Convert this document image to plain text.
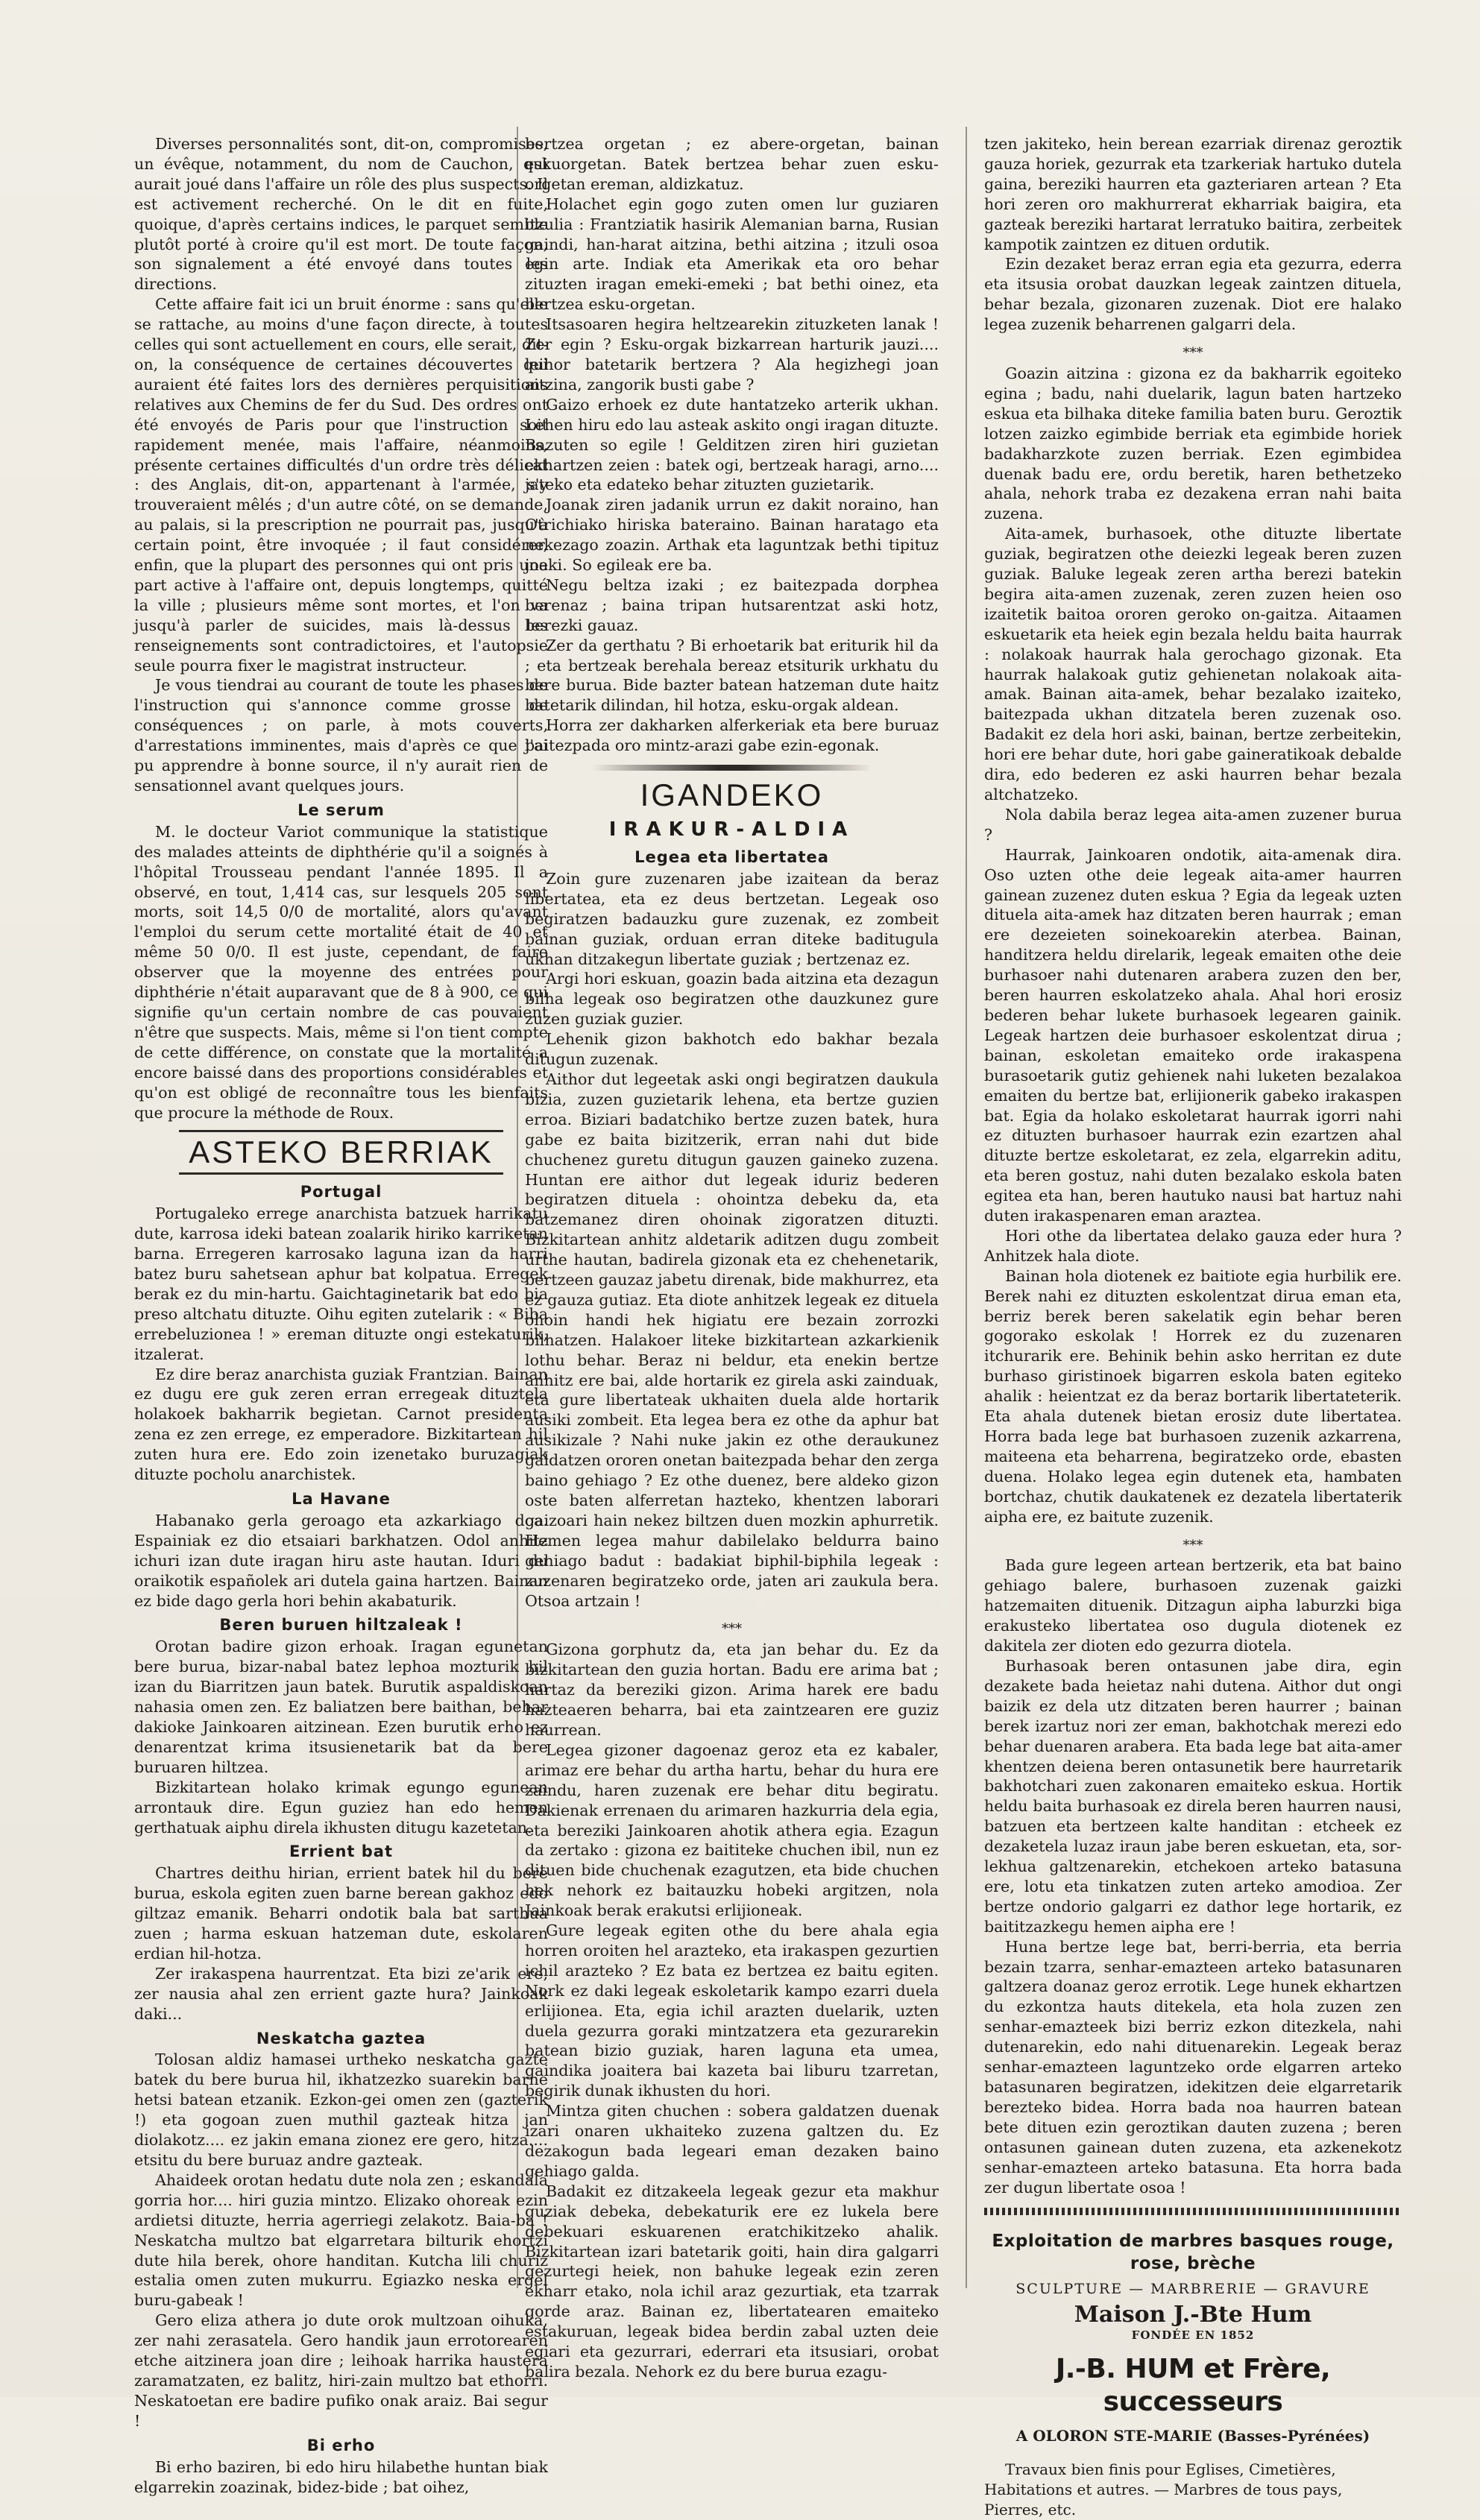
Diverses personnalités sont, dit-on, compromises, un évêque, notamment, du nom de Cauchon, qui aurait joué dans l'affaire un rôle des plus suspects. Il est activement recherché. On le dit en fuite, quoique, d'après certains indices, le parquet semble plutôt porté à croire qu'il est mort. De toute façon, son signalement a été envoyé dans toutes les directions.

Cette affaire fait ici un bruit énorme : sans qu'elle se rattache, au moins d'une façon directe, à toutes celles qui sont actuellement en cours, elle serait, dit-on, la conséquence de certaines découvertes qui auraient été faites lors des dernières perquisitions relatives aux Chemins de fer du Sud. Des ordres ont été envoyés de Paris pour que l'instruction soit rapidement menée, mais l'affaire, néanmoins, présente certaines difficultés d'un ordre très délicat : des Anglais, dit-on, appartenant à l'armée, s'y trouveraient mêlés ; d'un autre côté, on se demande, au palais, si la prescription ne pourrait pas, jusqu'à certain point, être invoquée ; il faut considérer, enfin, que la plupart des personnes qui ont pris une part active à l'affaire ont, depuis longtemps, quitté la ville ; plusieurs même sont mortes, et l'on va jusqu'à parler de suicides, mais là-dessus les renseignements sont contradictoires, et l'autopsie seule pourra fixer le magistrat instructeur.

Je vous tiendrai au courant de toute les phases de l'instruction qui s'annonce comme grosse de conséquences ; on parle, à mots couverts, d'arrestations imminentes, mais d'après ce que j'ai pu apprendre à bonne source, il n'y aurait rien de sensationnel avant quelques jours.

Le serum

M. le docteur Variot communique la statistique des malades atteints de diphthérie qu'il a soignés à l'hôpital Trousseau pendant l'année 1895. Il a observé, en tout, 1,414 cas, sur lesquels 205 sont morts, soit 14,5 0/0 de mortalité, alors qu'avant l'emploi du serum cette mortalité était de 40 et même 50 0/0. Il est juste, cependant, de faire observer que la moyenne des entrées pour diphthérie n'était auparavant que de 8 à 900, ce qui signifie qu'un certain nombre de cas pouvaient n'être que suspects. Mais, même si l'on tient compte de cette différence, on constate que la mortalité a encore baissé dans des proportions considérables et qu'on est obligé de reconnaître tous les bienfaits que procure la méthode de Roux.

ASTEKO BERRIAK
Portugal

Portugaleko errege anarchista batzuek harrikatu dute, karrosa ideki batean zoalarik hiriko karriketan barna. Erregeren karrosako laguna izan da harri batez buru sahetsean aphur bat kolpatua. Erregek berak ez du min-hartu. Gaichtaginetarik bat edo bia preso altchatu dituzte. Oihu egiten zutelarik : « Biba errebeluzionea ! » ereman dituzte ongi estekaturik, itzalerat.

Ez dire beraz anarchista guziak Frantzian. Bainan ez dugu ere guk zeren erran erregeak dituztela holakoek bakharrik begietan. Carnot presidenta zena ez zen errege, ez emperadore. Bizkitartean hil zuten hura ere. Edo zoin izenetako buruzagiak dituzte pocholu anarchistek.

La Havane

Habanako gerla geroago eta azkarkiago doa. Espainiak ez dio etsaiari barkhatzen. Odol anhitz ichuri izan dute iragan hiru aste hautan. Iduri du oraikotik españolek ari dutela gaina hartzen. Bainan ez bide dago gerla hori behin akabaturik.

Beren buruen hiltzaleak !

Orotan badire gizon erhoak. Iragan egunetan bere burua, bizar-nabal batez lephoa mozturik hil izan du Biarritzen jaun batek. Burutik aspaldiskoan nahasia omen zen. Ez baliatzen bere baithan, behar dakioke Jainkoaren aitzinean. Ezen burutik erho ez denarentzat krima itsusienetarik bat da bere buruaren hiltzea.

Bizkitartean holako krimak egungo egunean arrontauk dire. Egun guziez han edo hemen gerthatuak aiphu direla ikhusten ditugu kazetetan.

Errient bat

Chartres deithu hirian, errient batek hil du bere burua, eskola egiten zuen barne berean gakhoz edo giltzaz emanik. Beharri ondotik bala bat sarthua zuen ; harma eskuan hatzeman dute, eskolaren erdian hil-hotza.

Zer irakaspena haurrentzat. Eta bizi ze'arik ere, zer nausia ahal zen errient gazte hura? Jainkoak daki...

Neskatcha gaztea

Tolosan aldiz hamasei urtheko neskatcha gazte batek du bere burua hil, ikhatzezko suarekin barne hetsi batean etzanik. Ezkon-gei omen zen (gazterik !) eta gogoan zuen muthil gazteak hitza jan diolakotz.... ez jakin emana zionez ere gero, hitza.... etsitu du bere buruaz andre gazteak.

Ahaideek orotan hedatu dute nola zen ; eskandala gorria hor.... hiri guzia mintzo. Elizako ohoreak ezin ardietsi dituzte, herria agerriegi zelakotz. Baia-ba ! Neskatcha multzo bat elgarretara bilturik ehortzi dute hila berek, ohore handitan. Kutcha lili churiz estalia omen zuten mukurru. Egiazko neska ergel buru-gabeak !

Gero eliza athera jo dute orok multzoan oihuka, zer nahi zerasatela. Gero handik jaun errotorearen etche aitzinera joan dire ; leihoak harrika haustera zaramatzaten, ez balitz, hiri-zain multzo bat ethorri. Neskatoetan ere badire pufiko onak araiz. Bai segur !

Bi erho

Bi erho baziren, bi edo hiru hilabethe huntan biak elgarrekin zoazinak, bidez-bide ; bat oihez,

bertzea orgetan ; ez abere-orgetan, bainan eskuorgetan. Batek bertzea behar zuen esku-orgetan ereman, aldizkatuz.

Holachet egin gogo zuten omen lur guziaren itzulia : Frantziatik hasirik Alemanian barna, Rusian gaindi, han-harat aitzina, bethi aitzina ; itzuli osoa egin arte. Indiak eta Amerikak eta oro behar zituzten iragan emeki-emeki ; bat bethi oinez, eta bertzea esku-orgetan.

Itsasoaren hegira heltzearekin zituzketen lanak ! Zer egin ? Esku-orgak bizkarrean harturik jauzi.... leihor batetarik bertzera ? Ala hegizhegi joan aitzina, zangorik busti gabe ?

Gaizo erhoek ez dute hantatzeko arterik ukhan. Lehen hiru edo lau asteak askito ongi iragan dituzte. Bazuten so egile ! Gelditzen ziren hiri guzietan ekhartzen zeien : batek ogi, bertzeak haragi, arno.... jateko eta edateko behar zituzten guzietarik.

Joanak ziren jadanik urrun ez dakit noraino, han Otrichiako hiriska baterainо. Bainan haratago eta nekezago zoazin. Arthak eta laguntzak bethi tipituz joaki. So egileak ere ba.

Negu beltza izaki ; ez baitezpada dorphea berenaz ; baina tripan hutsarentzat aski hotz, berezki gauaz.

Zer da gerthatu ? Bi erhoetarik bat eriturik hil da ; eta bertzeak berehala bereaz etsiturik urkhatu du bere burua. Bide bazter batean hatzeman dute haitz batetarik dilindan, hil hotza, esku-orgak aldean.

Horra zer dakharken alferkeriak eta bere buruaz baitezpada oro mintz-arazi gabe ezin-egonak.

IGANDEKO
IRAKUR-ALDIA
Legea eta libertatea

Zoin gure zuzenaren jabe izaitean da beraz libertatea, eta ez deus bertzetan. Legeak oso begiratzen badauzku gure zuzenak, ez zombeit bainan guziak, orduan erran diteke baditugula ukhan ditzakegun libertate guziak ; bertzenaz ez.

Argi hori eskuan, goazin bada aitzina eta dezagun bilha legeak oso begiratzen othe dauzkunez gure zuzen guziak guzier.

Lehenik gizon bakhotch edo bakhar bezala ditugun zuzenak.

Aithor dut legeetak aski ongi begiratzen daukula bizia, zuzen guzietarik lehena, eta bertze guzien errоа. Biziari badatchiko bertze zuzen batek, hura gabe ez baita bizitzerik, erran nahi dut bide chuchenez guretu ditugun gauzen gaineko zuzena. Huntan ere aithor dut legeak iduriz bederen begiratzen dituela : ohointza debeku da, eta batzemanez diren ohoinak zigoratzen dituzti. Bizkitartean anhitz aldetarik aditzen dugu zombeit urthe hautan, badirela gizonak eta ez chehenetarik, bertzeen gauzaz jabetu direnak, bide makhurrez, eta ez gauza gutiaz. Eta diote anhitzek legeak ez dituela ohoin handi hek higiatu ere bezain zorrozki bilhatzen. Halakoer liteke bizkitartean azkarkienik lothu behar. Beraz ni beldur, eta enekin bertze anhitz ere bai, alde hortarik ez girela aski zainduak, eta gure libertateak ukhaiten duela alde hortarik ausiki zombeit. Eta legea bera ez othe da aphur bat ausikizale ? Nahi nuke jakin ez othe deraukunez galdatzen ororen onetan baitezpada behar den zerga baino gehiago ? Ez othe duenez, bere aldeko gizon oste baten alferretan hazteko, khentzen laborari gaizoari hain nekez biltzen duen mozkin aphurretik. Hemen legea mahur dabilelako beldurra baino gehiago badut : badakiat biphil-biphila legeak : zuzenaren begiratzeko orde, jaten ari zaukula bera. Otsoa artzain !

⁎⁎⁎

Gizona gorphutz da, eta jan behar du. Ez da bizkitartean den guzia hortan. Badu ere arima bat ; hartaz da bereziki gizon. Arima harek ere badu hazteaeren beharra, bai eta zaintzearen ere guziz haurrean.

Legea gizoner dagoenaz geroz eta ez kabaler, arimaz ere behar du artha hartu, behar du hura ere zaindu, haren zuzenak ere behar ditu begiratu. Dakienak errenaen du arimaren hazkurria dela egia, eta bereziki Jainkoaren ahotik athera egia. Ezagun da zertako : gizona ez baititeke chuchen ibil, nun ez dituen bide chuchenak ezagutzen, eta bide chuchen hek nehork ez baitauzku hobeki argitzen, nola Jainkoak berak erakutsi erlijioneak.

Gure legeak egiten othe du bere ahala egia horren oroiten hel arazteko, eta irakaspen gezurtien ichil arazteko ? Ez bata ez bertzea ez baitu egiten. Nork ez daki legeak eskoletarik kampo ezarri duela erlijionea. Eta, egia ichil arazten duelarik, uzten duela gezurra goraki mintzatzera eta gezurarekin batean bizio guziak, haren laguna eta umea, gaindika joaitera bai kazeta bai liburu tzarretan, begirik dunak ikhusten du hori.

Mintza giten chuchen : sobera galdatzen duenak izari onaren ukhaiteko zuzena galtzen du. Ez dezakogun bada legeari eman dezaken baino gehiago galda.

Badakit ez ditzakeela legeak gezur eta makhur guziak debeka, debekaturik ere ez lukela bere debekuari eskuarenen eratchikitzeko ahalik. Bizkitartean izari batetarik goiti, hain dira galgarri gezurtegi heiek, non bahuke legeak ezin zeren ekharr etako, nola ichil araz gezurtiak, eta tzarrak gorde araz. Bainan ez, libertatearen emaiteko estakuruan, legeak bideа berdin zabal uzten deie egiari eta gezurrari, ederrari eta itsusiari, orobat balira bezala. Nehork ez du bere burua ezagu-

tzen jakiteko, hein berean ezarriak direnaz geroztik gauza horiek, gezurrak eta tzarkeriak hartuko dutela gaina, bereziki haurren eta gazteriaren artean ? Eta hori zeren oro makhurrerat ekharriak baigira, eta gazteak bereziki hartarat lerratuko baitira, zerbeitek kampotik zaintzen ez dituen ordutik.

Ezin dezaket beraz erran egia eta gezurra, ederra eta itsusia orobat dauzkan legeak zaintzen dituela, behar bezala, gizonaren zuzenak. Diot ere halako legea zuzenik beharrenen galgarri dela.

⁎⁎⁎

Goazin aitzina : gizona ez da bakharrik egoiteko egina ; badu, nahi duelarik, lagun baten hartzeko eskua eta bilhaka diteke familia baten buru. Geroztik lotzen zaizko egimbide berriak eta egimbide horiek badakharzkote zuzen berriak. Ezen egimbidea duenak badu ere, ordu beretik, haren bethetzeko ahala, nehork traba ez dezakena erran nahi baita zuzena.

Aita-amek, burhasoek, othe dituzte libertate guziak, begiratzen othe deiezki legeak beren zuzen guziak. Baluke legeak zeren artha berezi batekin begira aita-amen zuzenak, zeren zuzen heien oso izaitetik baitoa ororen geroko on-gaitza. Aitaamen eskuetarik eta heiek egin bezala heldu baita haurrak : nolakoak haurrak hala gerochago gizonak. Eta haurrak halakoak gutiz gehienetan nolakoak aita-amak. Bainan aita-amek, behar bezalako izaiteko, baitezpada ukhan ditzatela beren zuzenak oso. Badakit ez dela hori aski, bainan, bertze zerbeitekin, hori ere behar dute, hori gabe gaineratikoak debalde dira, edo bederen ez aski haurren behar bezala altchatzeko.

Nola dabila beraz legea aita-amen zuzener burua ?

Haurrak, Jainkoaren ondotik, aita-amenak dira. Oso uzten othe deie legeak aita-amer haurren gainean zuzenez duten eskua ? Egia da legeak uzten dituela aita-amek haz ditzaten beren haurrak ; eman ere dezeieten soinekoarekin aterbea. Bainan, handitzera heldu direlarik, legeak emaiten othe deie burhasoer nahi dutenaren arabera zuzen den ber, beren haurren eskolatzeko ahala. Ahal hori erosiz bederen behar lukete burhasoek legearen gainik. Legeak hartzen deie burhasoer eskolentzat dirua ; bainan, eskoletan emaiteko orde irakaspena burasoetarik gutiz gehienek nahi luketen bezalakoa emaiten du bertze bat, erlijionerik gabeko irakaspen bat. Egia da holako eskoletarat haurrak igorri nahi ez dituzten burhasoer haurrak ezin ezartzen ahal dituzte bertze eskoletarat, ez zela, elgarrekin aditu, eta beren gostuz, nahi duten bezalako eskola baten egitea eta han, beren hautuko nausi bat hartuz nahi duten irakaspenaren eman araztea.

Hori othe da libertatea delako gauza eder hura ? Anhitzek hala diote.

Bainan hola diotenek ez baitiote egia hurbilik ere. Berek nahi ez dituzten eskolentzat dirua eman eta, berriz berek beren sakelatik egin behar beren gogorako eskolak ! Horrek ez du zuzenaren itchurarik ere. Behinik behin asko herritan ez dute burhaso giristinoek bigarren eskola baten egiteko ahalik : heientzat ez da beraz bortarik libertateterik. Eta ahala dutenek bietan erosiz dute libertatea. Horra bada lege bat burhasoen zuzenik azkarrena, maiteena eta beharrena, begiratzeko orde, ebasten duena. Holako legea egin dutenek eta, hambaten bortchaz, chutik daukatenek ez dezatela libertaterik aipha ere, ez baitute zuzenik.

⁎⁎⁎

Bada gure legeen artean bertzerik, eta bat baino gehiago balere, burhasoen zuzenak gaizki hatzemaiten dituenik. Ditzagun aipha laburzki biga erakusteko libertatea oso dugula diotenek ez dakitela zer dioten edo gezurra diotela.

Burhasoak beren ontasunen jabe dira, egin dezakete bada heietaz nahi dutena. Aithor dut ongi baizik ez dela utz ditzaten beren haurrer ; bainan berek izartuz nori zer eman, bakhotchak merezi edo behar duenaren arabera. Eta bada lege bat aita-amer khentzen deiena beren ontasunetik bere haurretarik bakhotchari zuen zakonaren emaiteko eskua. Hortik heldu baita burhasoak ez direla beren haurren nausi, batzuen eta bertzeen kalte handitan : etcheek ez dezaketela luzaz iraun jabe beren eskuetan, eta, sor-lekhua galtzenarekin, etchekoen arteko batasuna ere, lotu eta tinkatzen zuten arteko amodioa. Zer bertze ondorio galgarri ez dathor lege hortarik, ez baititzazkegu hemen aipha ere !

Huna bertze lege bat, berri-berria, eta berria bezain tzarra, senhar-emazteen arteko batasunaren galtzera doanaz geroz errotik. Lege hunek ekhartzen du ezkontza hauts ditekela, eta hola zuzen zen senhar-emazteek bizi berriz ezkon ditezkela, nahi dutenarekin, edo nahi dituenarekin. Legeak beraz senhar-emazteen laguntzeko orde elgarren arteko batasunaren begiratzen, idekitzen deie elgarretarik berezteko bidea. Horra bada noa haurren batean bete dituen ezin geroztikan dauten zuzena ; beren ontasunen gainean duten zuzena, eta azkenekotz senhar-emazteen arteko batasuna. Eta horra bada zer dugun libertate osoa !

Exploitation de marbres basques rouge, rose, brèche
SCULPTURE — MARBRERIE — GRAVURE
Maison J.-Bte Hum
FONDÉE EN 1852
J.-B. HUM et Frère, successeurs
A OLORON STE-MARIE (Basses-Pyrénées)
Travaux bien finis pour Eglises, Cimetières, Habitations et autres. — Marbres de tous pays, Pierres, etc.
